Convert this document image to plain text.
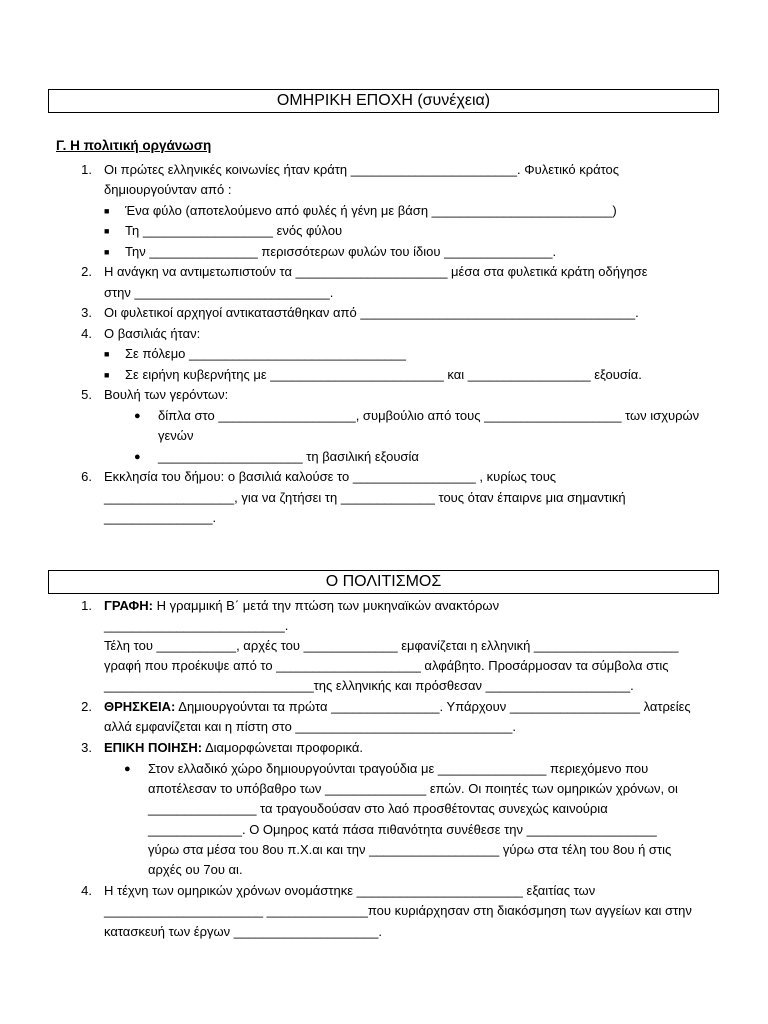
ΟΜΗΡΙΚΗ ΕΠΟΧΗ (συνέχεια)
Γ. Η πολιτική οργάνωση
1. Οι πρώτες ελληνικές κοινωνίες ήταν κράτη _______________________. Φυλετικό κράτος
δημιουργούνταν από :
■ Ένα φύλο (αποτελούμενο από φυλές ή γένη με βάση _________________________)
■ Τη __________________ ενός φύλου
■ Την _______________ περισσότερων φυλών του ίδιου _______________.
2. Η ανάγκη να αντιμετωπιστούν τα _____________________ μέσα στα φυλετικά κράτη οδήγησε
στην ___________________________.
3. Οι φυλετικοί αρχηγοί αντικαταστάθηκαν από ______________________________________.
4. Ο βασιλιάς ήταν:
■ Σε πόλεμο ______________________________
■ Σε ειρήνη κυβερνήτης με ________________________ και _________________ εξουσία.
5. Βουλή των γερόντων:
● δίπλα στο ___________________, συμβούλιο από τους ___________________ των ισχυρών
γενών
● ____________________ τη βασιλική εξουσία
6. Εκκλησία του δήμου: ο βασιλιά καλούσε το _________________ , κυρίως τους
__________________, για να ζητήσει τη _____________ τους όταν έπαιρνε μια σημαντική
_______________.
Ο ΠΟΛΙΤΙΣΜΟΣ
1. ΓΡΑΦΗ: Η γραμμική Β΄ μετά την πτώση των μυκηναϊκών ανακτόρων
_________________________.
Τέλη του ___________, αρχές του _____________ εμφανίζεται η ελληνική ____________________
γραφή που προέκυψε από το ____________________ αλφάβητο. Προσάρμοσαν τα σύμβολα στις
_____________________________της ελληνικής και πρόσθεσαν ____________________.
2. ΘΡΗΣΚΕΙΑ: Δημιουργούνται τα πρώτα _______________. Υπάρχουν __________________ λατρείες
αλλά εμφανίζεται και η πίστη στο ______________________________.
3. ΕΠΙΚΗ ΠΟΙΗΣΗ: Διαμορφώνεται προφορικά.
● Στον ελλαδικό χώρο δημιουργούνται τραγούδια με _______________ περιεχόμενο που
αποτέλεσαν το υπόβαθρο των ______________ επών. Οι ποιητές των ομηρικών χρόνων, οι
_______________ τα τραγουδούσαν στο λαό προσθέτοντας συνεχώς καινούρια
_____________. Ο Ομηρος κατά πάσα πιθανότητα συνέθεσε την __________________
γύρω στα μέσα του 8ου π.Χ.αι και την __________________ γύρω στα τέλη του 8ου ή στις
αρχές ου 7ου αι.
4. Η τέχνη των ομηρικών χρόνων ονομάστηκε _______________________ εξαιτίας των
______________________ ______________που κυριάρχησαν στη διακόσμηση των αγγείων και στην
κατασκευή των έργων ____________________.
